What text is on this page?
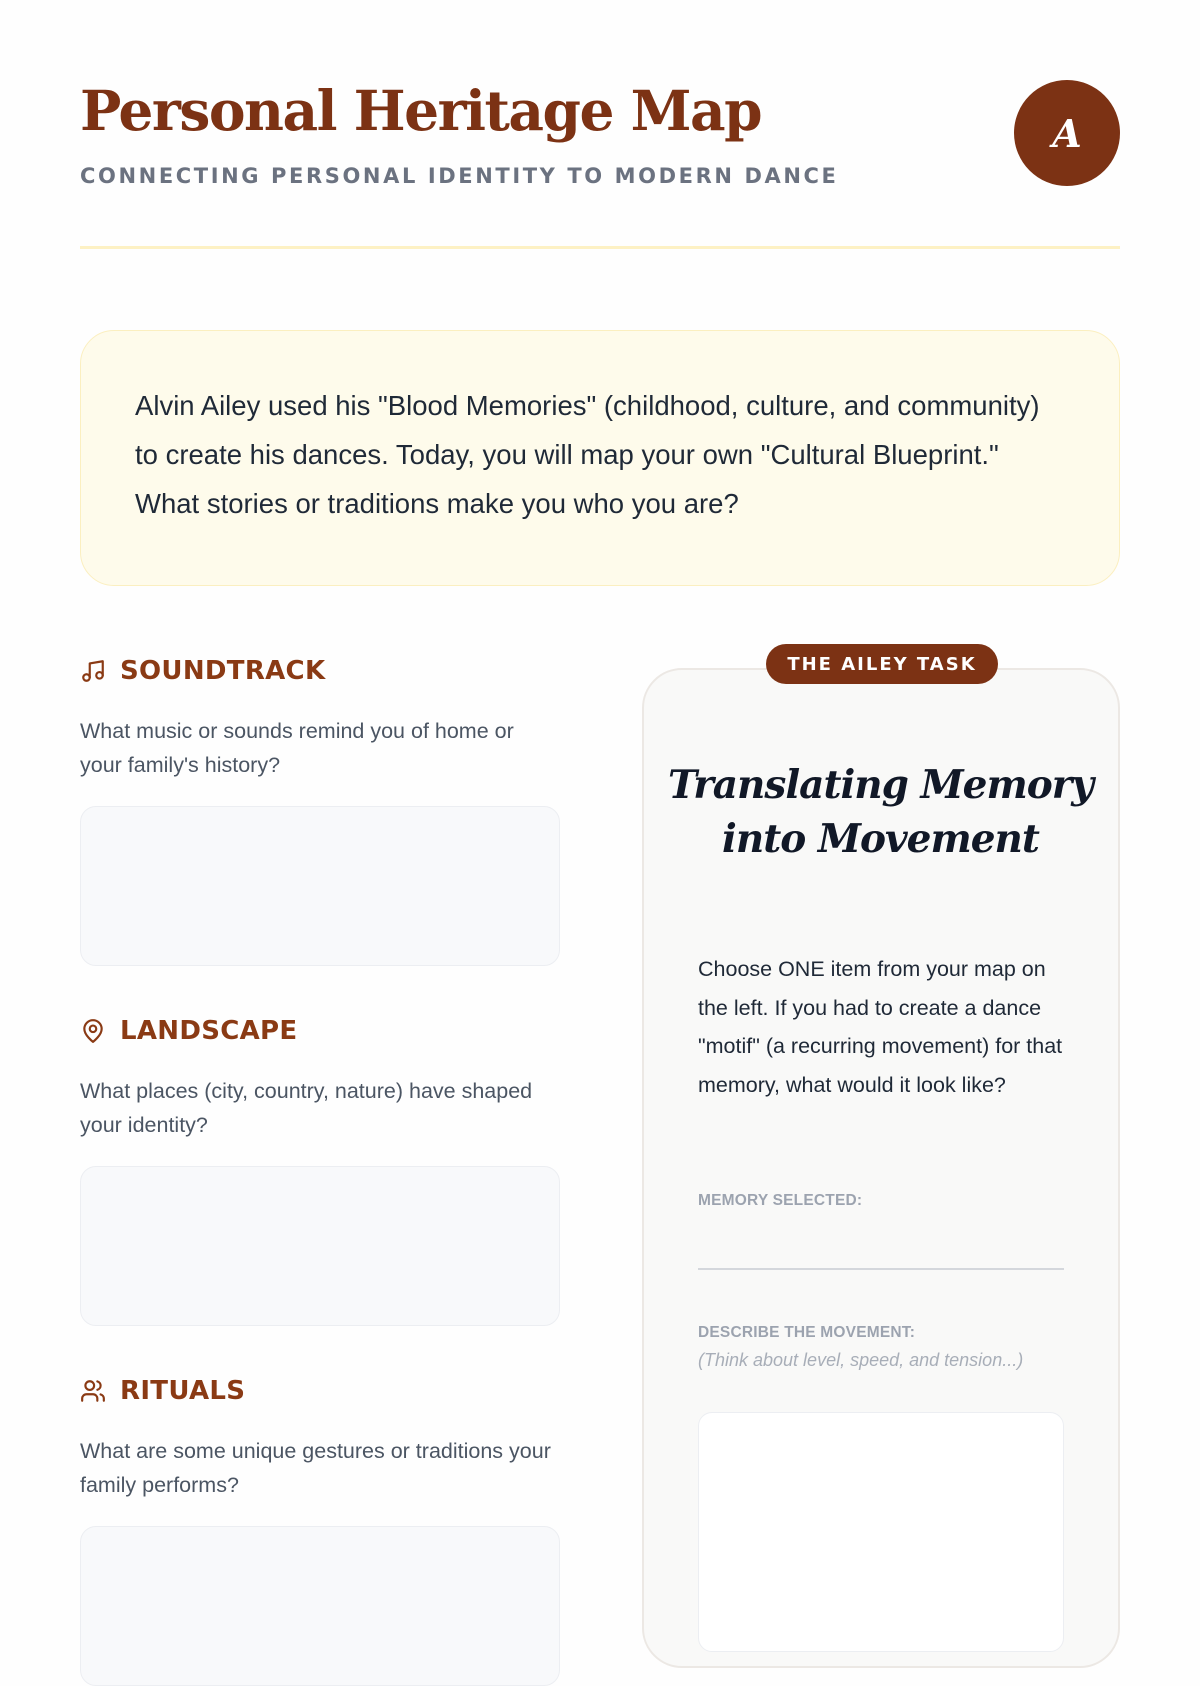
Personal Heritage Map
CONNECTING PERSONAL IDENTITY TO MODERN DANCE
A
Alvin Ailey used his "Blood Memories" (childhood, culture, and community) to create his dances. Today, you will map your own "Cultural Blueprint." What stories or traditions make you who you are?
SOUNDTRACK
What music or sounds remind you of home or your family's history?
LANDSCAPE
What places (city, country, nature) have shaped your identity?
RITUALS
What are some unique gestures or traditions your family performs?
Translating Memory into Movement
Choose ONE item from your map on the left. If you had to create a dance "motif" (a recurring movement) for that memory, what would it look like?
MEMORY SELECTED:
DESCRIBE THE MOVEMENT:
(Think about level, speed, and tension...)
THE AILEY TASK
